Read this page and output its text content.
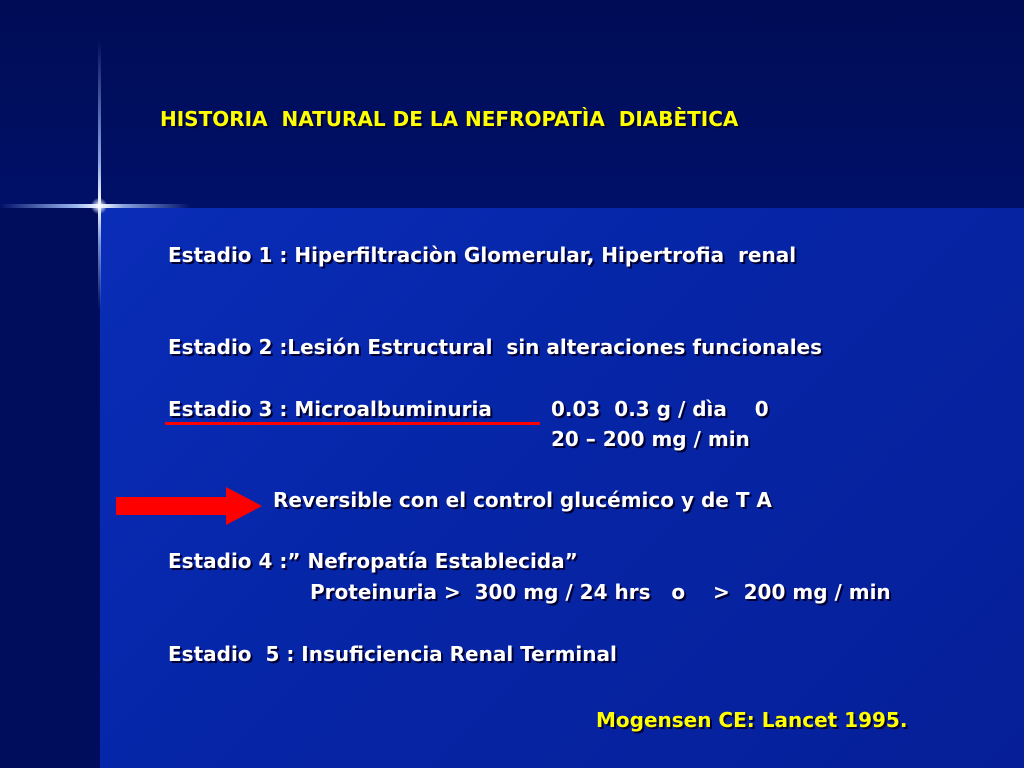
HISTORIA  NATURAL DE LA NEFROPATÌA  DIABÈTICA
Estadio 1 : Hiperfiltraciòn Glomerular, Hipertrofia  renal
Estadio 2 :Lesión Estructural  sin alteraciones funcionales
Estadio 3 : Microalbuminuria	0.03  0.3 g / dìa    0
20 – 200 mg / min
Reversible con el control glucémico y de T A
Estadio 4 :” Nefropatía Establecida”
Proteinuria >  300 mg / 24 hrs   o    >  200 mg / min
Estadio  5 : Insuficiencia Renal Terminal
Mogensen CE: Lancet 1995.
